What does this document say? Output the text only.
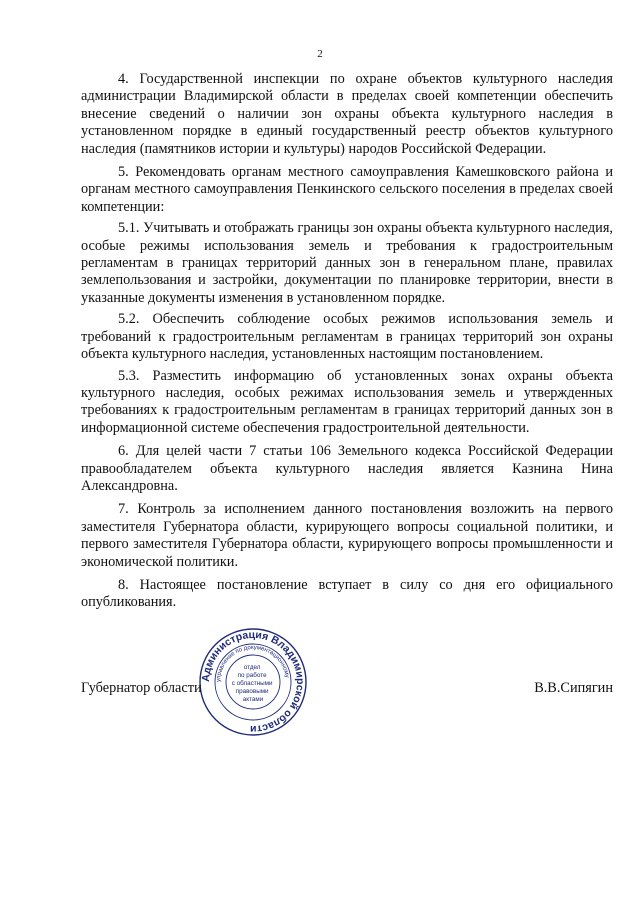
2

4. Государственной инспекции по охране объектов культурного наследия администрации Владимирской области в пределах своей компетенции обеспечить внесение сведений о наличии зон охраны объекта культурного наследия в установленном порядке в единый государственный реестр объектов культурного наследия (памятников истории и культуры) народов Российской Федерации.

5. Рекомендовать органам местного самоуправления Камешковского района и органам местного самоуправления Пенкинского сельского поселения в пределах своей компетенции:

5.1. Учитывать и отображать границы зон охраны объекта культурного наследия, особые режимы использования земель и требования к градостроительным регламентам в границах территорий данных зон в генеральном плане, правилах землепользования и застройки, документации по планировке территории, внести в указанные документы изменения в установленном порядке.

5.2. Обеспечить соблюдение особых режимов использования земель и требований к градостроительным регламентам в границах территорий зон охраны объекта культурного наследия, установленных настоящим постановлением.

5.3. Разместить информацию об установленных зонах охраны объекта культурного наследия, особых режимах использования земель и утвержденных требованиях к градостроительным регламентам в границах территорий данных зон в информационной системе обеспечения градостроительной деятельности.

6. Для целей части 7 статьи 106 Земельного кодекса Российской Федерации правообладателем объекта культурного наследия является Казнина Нина Александровна.

7. Контроль за исполнением данного постановления возложить на первого заместителя Губернатора области, курирующего вопросы социальной политики, и первого заместителя Губернатора области, курирующего вопросы промышленности и экономической политики.

8. Настоящее постановление вступает в силу со дня его официального опубликования.

Администрация Владимирской области
управление по документационному
отдел по работе с областными правовыми актами
Губернатор области	В.В.Сипягин
